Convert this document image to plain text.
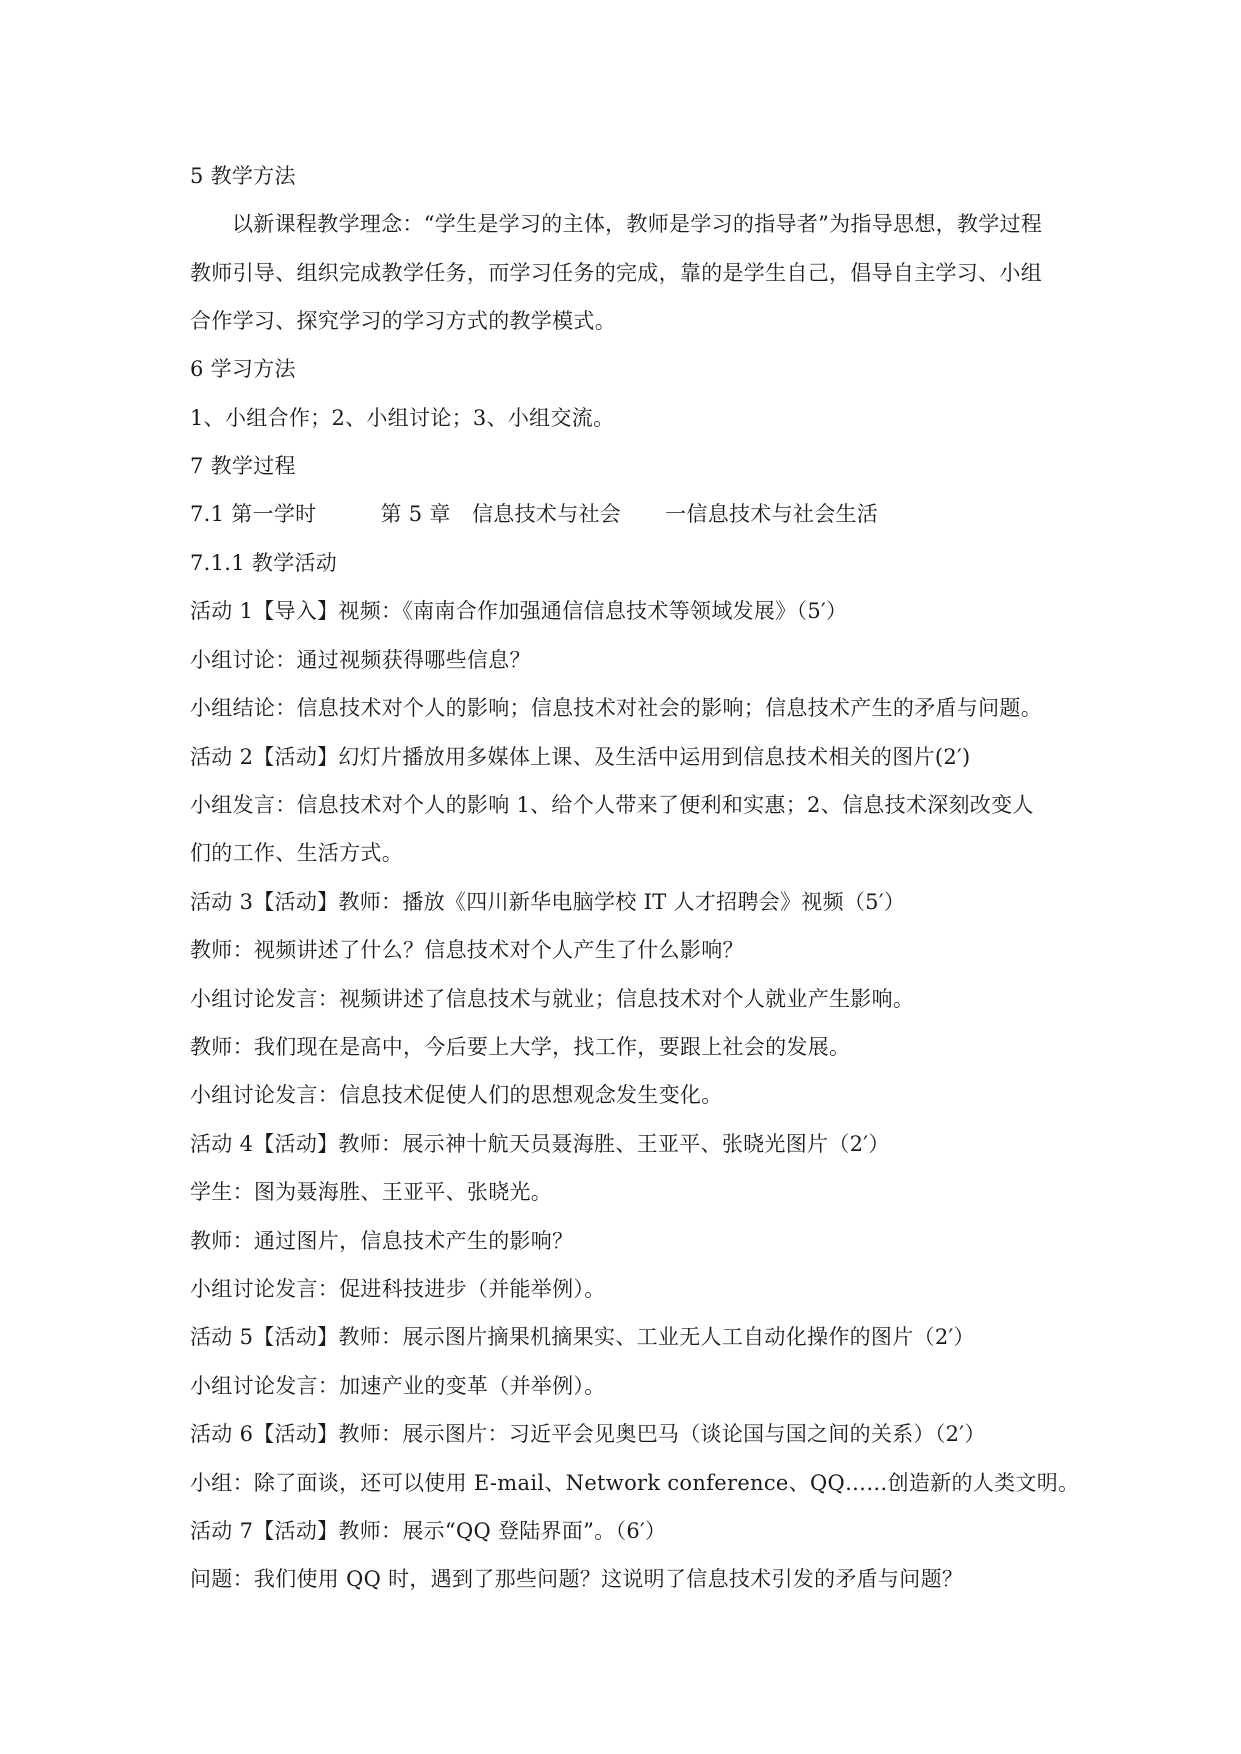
5 教学方法
以新课程教学理念：“学生是学习的主体，教师是学习的指导者”为指导思想，教学过程
教师引导、组织完成教学任务，而学习任务的完成，靠的是学生自己，倡导自主学习、小组
合作学习、探究学习的学习方式的教学模式。
6 学习方法
1、小组合作；2、小组讨论；3、小组交流。
7 教学过程
7.1 第一学时	第 5 章　信息技术与社会 一信息技术与社会生活
7.1.1 教学活动
活动 1【导入】视频：《南南合作加强通信信息技术等领域发展》（5′）
小组讨论：通过视频获得哪些信息？
小组结论：信息技术对个人的影响；信息技术对社会的影响；信息技术产生的矛盾与问题。
活动 2【活动】幻灯片播放用多媒体上课、及生活中运用到信息技术相关的图片(2′)
小组发言：信息技术对个人的影响 1、给个人带来了便利和实惠；2、信息技术深刻改变人
们的工作、生活方式。
活动 3【活动】教师：播放《四川新华电脑学校 IT 人才招聘会》视频（5′）
教师：视频讲述了什么？信息技术对个人产生了什么影响？
小组讨论发言：视频讲述了信息技术与就业；信息技术对个人就业产生影响。
教师：我们现在是高中，今后要上大学，找工作，要跟上社会的发展。
小组讨论发言：信息技术促使人们的思想观念发生变化。
活动 4【活动】教师：展示神十航天员聂海胜、王亚平、张晓光图片（2′）
学生：图为聂海胜、王亚平、张晓光。
教师：通过图片，信息技术产生的影响？
小组讨论发言：促进科技进步（并能举例）。
活动 5【活动】教师：展示图片摘果机摘果实、工业无人工自动化操作的图片（2′）
小组讨论发言：加速产业的变革（并举例）。
活动 6【活动】教师：展示图片：习近平会见奥巴马（谈论国与国之间的关系）（2′）
小组：除了面谈，还可以使用 E-mail、Network conference、QQ……创造新的人类文明。
活动 7【活动】教师：展示“QQ 登陆界面”。（6′）
问题：我们使用 QQ 时，遇到了那些问题？这说明了信息技术引发的矛盾与问题？
